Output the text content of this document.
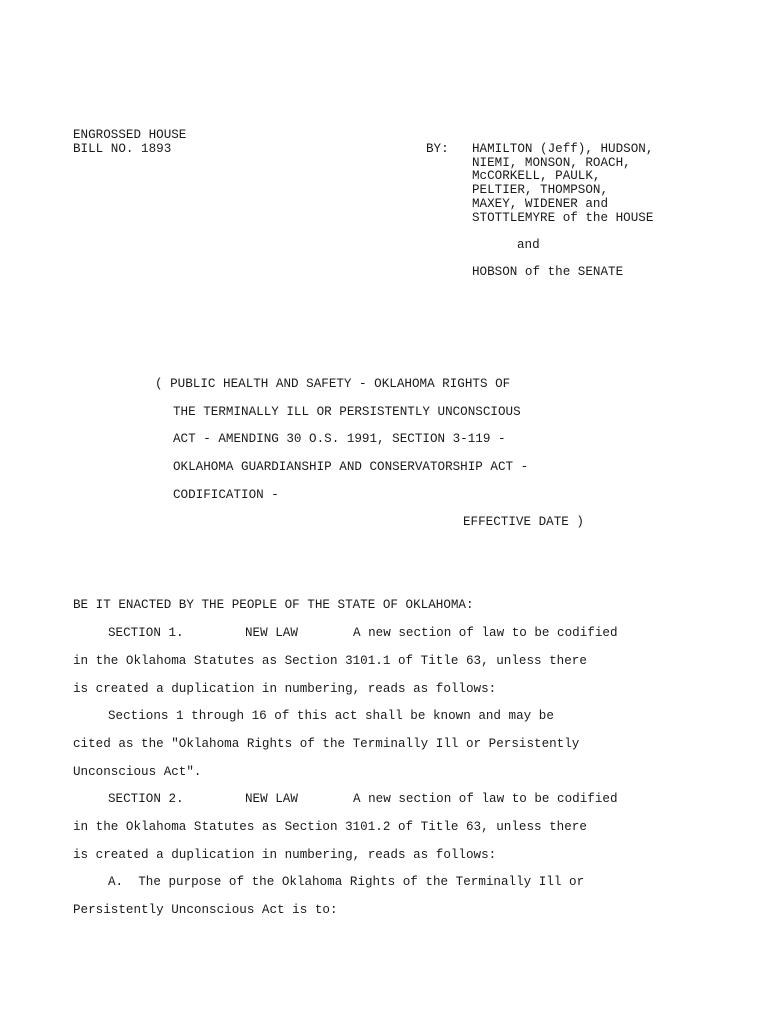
ENGROSSED HOUSE
BILL NO. 1893	BY: HAMILTON (Jeff), HUDSON,
NIEMI, MONSON, ROACH,
McCORKELL, PAULK,
PELTIER, THOMPSON,
MAXEY, WIDENER and
STOTTLEMYRE of the HOUSE
and
HOBSON of the SENATE
( PUBLIC HEALTH AND SAFETY - OKLAHOMA RIGHTS OF
THE TERMINALLY ILL OR PERSISTENTLY UNCONSCIOUS
ACT - AMENDING 30 O.S. 1991, SECTION 3-119 -
OKLAHOMA GUARDIANSHIP AND CONSERVATORSHIP ACT -
CODIFICATION -
EFFECTIVE DATE )
BE IT ENACTED BY THE PEOPLE OF THE STATE OF OKLAHOMA:
SECTION 1.	NEW LAW	A new section of law to be codified
in the Oklahoma Statutes as Section 3101.1 of Title 63, unless there
is created a duplication in numbering, reads as follows:
Sections 1 through 16 of this act shall be known and may be
cited as the "Oklahoma Rights of the Terminally Ill or Persistently
Unconscious Act".
SECTION 2.	NEW LAW	A new section of law to be codified
in the Oklahoma Statutes as Section 3101.2 of Title 63, unless there
is created a duplication in numbering, reads as follows:
A.  The purpose of the Oklahoma Rights of the Terminally Ill or
Persistently Unconscious Act is to:
